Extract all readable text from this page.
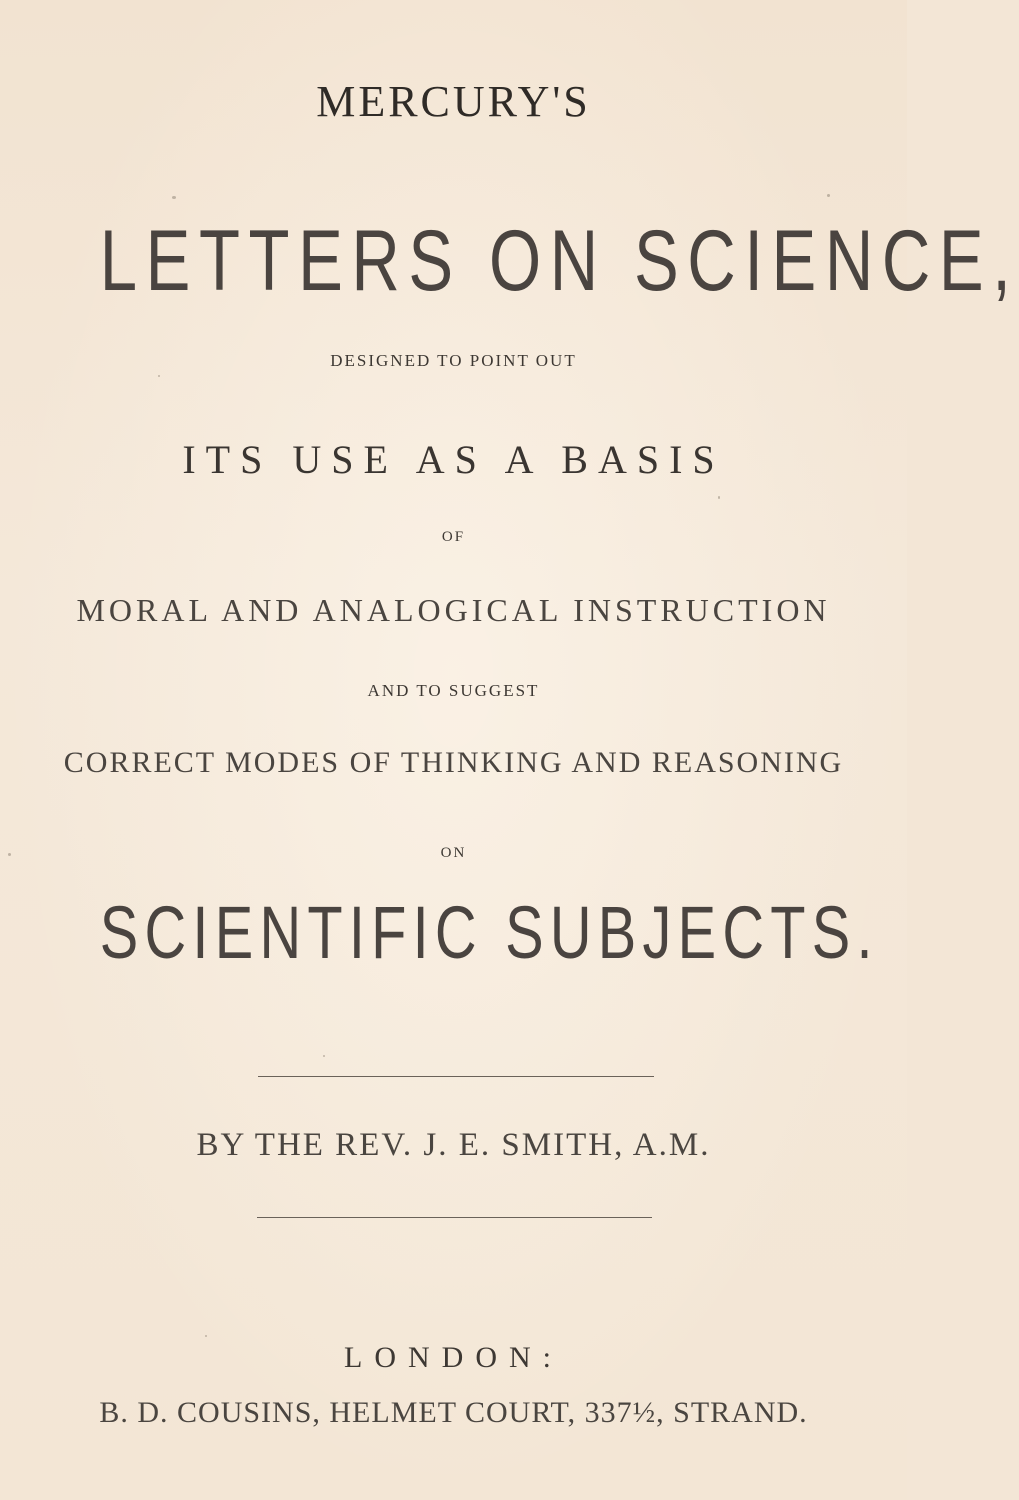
MERCURY'S
LETTERS ON SCIENCE,
DESIGNED TO POINT OUT
ITS USE AS A BASIS
OF
MORAL AND ANALOGICAL INSTRUCTION
AND TO SUGGEST
CORRECT MODES OF THINKING AND REASONING
ON
SCIENTIFIC SUBJECTS.
BY THE REV. J. E. SMITH, A.M.
LONDON:
B. D. COUSINS, HELMET COURT, 337½, STRAND.
